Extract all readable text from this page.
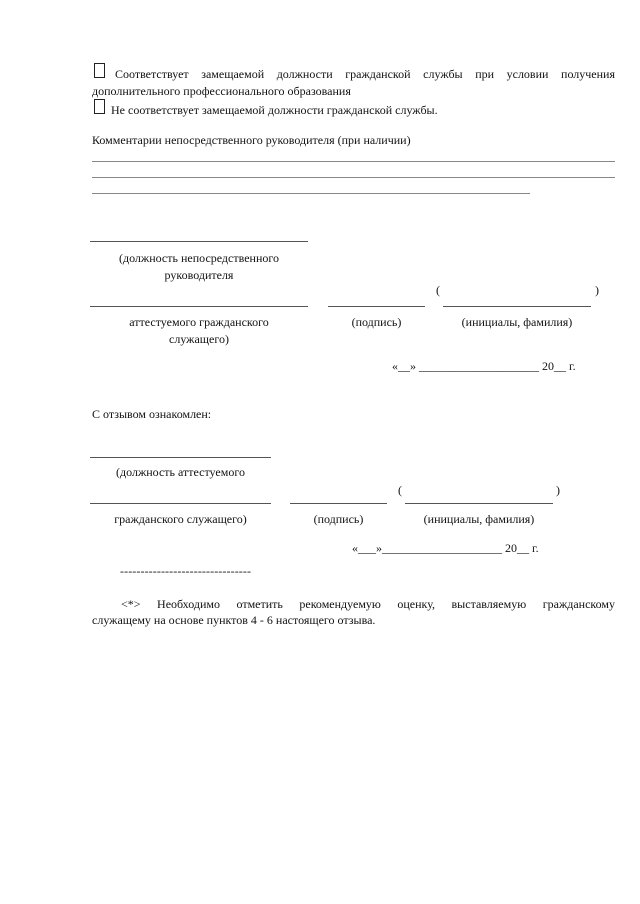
Соответствует замещаемой должности гражданской службы при условии получения
дополнительного профессионального образования
Не соответствует замещаемой должности гражданской службы.
Комментарии непосредственного руководителя (при наличии)
(должность непосредственного
руководителя
(	)
аттестуемого гражданского	(подпись)	(инициалы, фамилия)
служащего)
«__» ____________________ 20__ г.
С отзывом ознакомлен:
(должность аттестуемого
(	)
гражданского служащего)	(подпись)	(инициалы, фамилия)
«___»____________________ 20__ г.
--------------------------------
<*> Необходимо отметить рекомендуемую оценку, выставляемую гражданскому
служащему на основе пунктов 4 - 6 настоящего отзыва.
